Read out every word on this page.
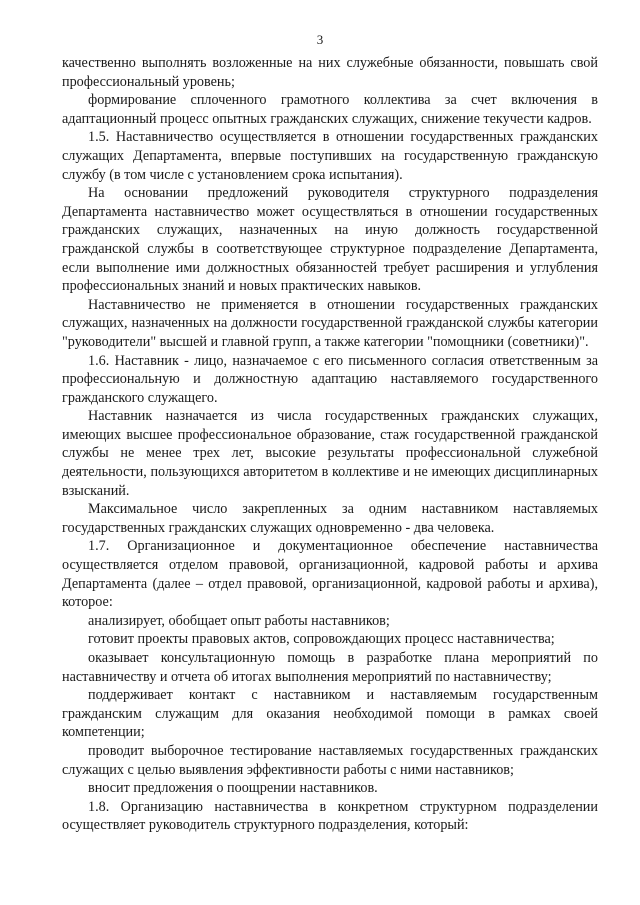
3

качественно выполнять возложенные на них служебные обязанности, повышать свой профессиональный уровень;

формирование сплоченного грамотного коллектива за счет включения в адаптационный процесс опытных гражданских служащих, снижение текучести кадров.

1.5. Наставничество осуществляется в отношении государственных гражданских служащих Департамента, впервые поступивших на государственную гражданскую службу (в том числе с установлением срока испытания).

На основании предложений руководителя структурного подразделения Департамента наставничество может осуществляться в отношении государственных гражданских служащих, назначенных на иную должность государственной гражданской службы в соответствующее структурное подразделение Департамента, если выполнение ими должностных обязанностей требует расширения и углубления профессиональных знаний и новых практических навыков.

Наставничество не применяется в отношении государственных гражданских служащих, назначенных на должности государственной гражданской службы категории "руководители" высшей и главной групп, а также категории "помощники (советники)".

1.6. Наставник - лицо, назначаемое с его письменного согласия ответственным за профессиональную и должностную адаптацию наставляемого государственного гражданского служащего.

Наставник назначается из числа государственных гражданских служащих, имеющих высшее профессиональное образование, стаж государственной гражданской службы не менее трех лет, высокие результаты профессиональной служебной деятельности, пользующихся авторитетом в коллективе и не имеющих дисциплинарных взысканий.

Максимальное число закрепленных за одним наставником наставляемых государственных гражданских служащих одновременно - два человека.

1.7. Организационное и документационное обеспечение наставничества осуществляется отделом правовой, организационной, кадровой работы и архива Департамента (далее – отдел правовой, организационной, кадровой работы и архива), которое:

анализирует, обобщает опыт работы наставников;

готовит проекты правовых актов, сопровождающих процесс наставничества;

оказывает консультационную помощь в разработке плана мероприятий по наставничеству и отчета об итогах выполнения мероприятий по наставничеству;

поддерживает контакт с наставником и наставляемым государственным гражданским служащим для оказания необходимой помощи в рамках своей компетенции;

проводит выборочное тестирование наставляемых государственных гражданских служащих с целью выявления эффективности работы с ними наставников;

вносит предложения о поощрении наставников.

1.8. Организацию наставничества в конкретном структурном подразделении осуществляет руководитель структурного подразделения, который:
